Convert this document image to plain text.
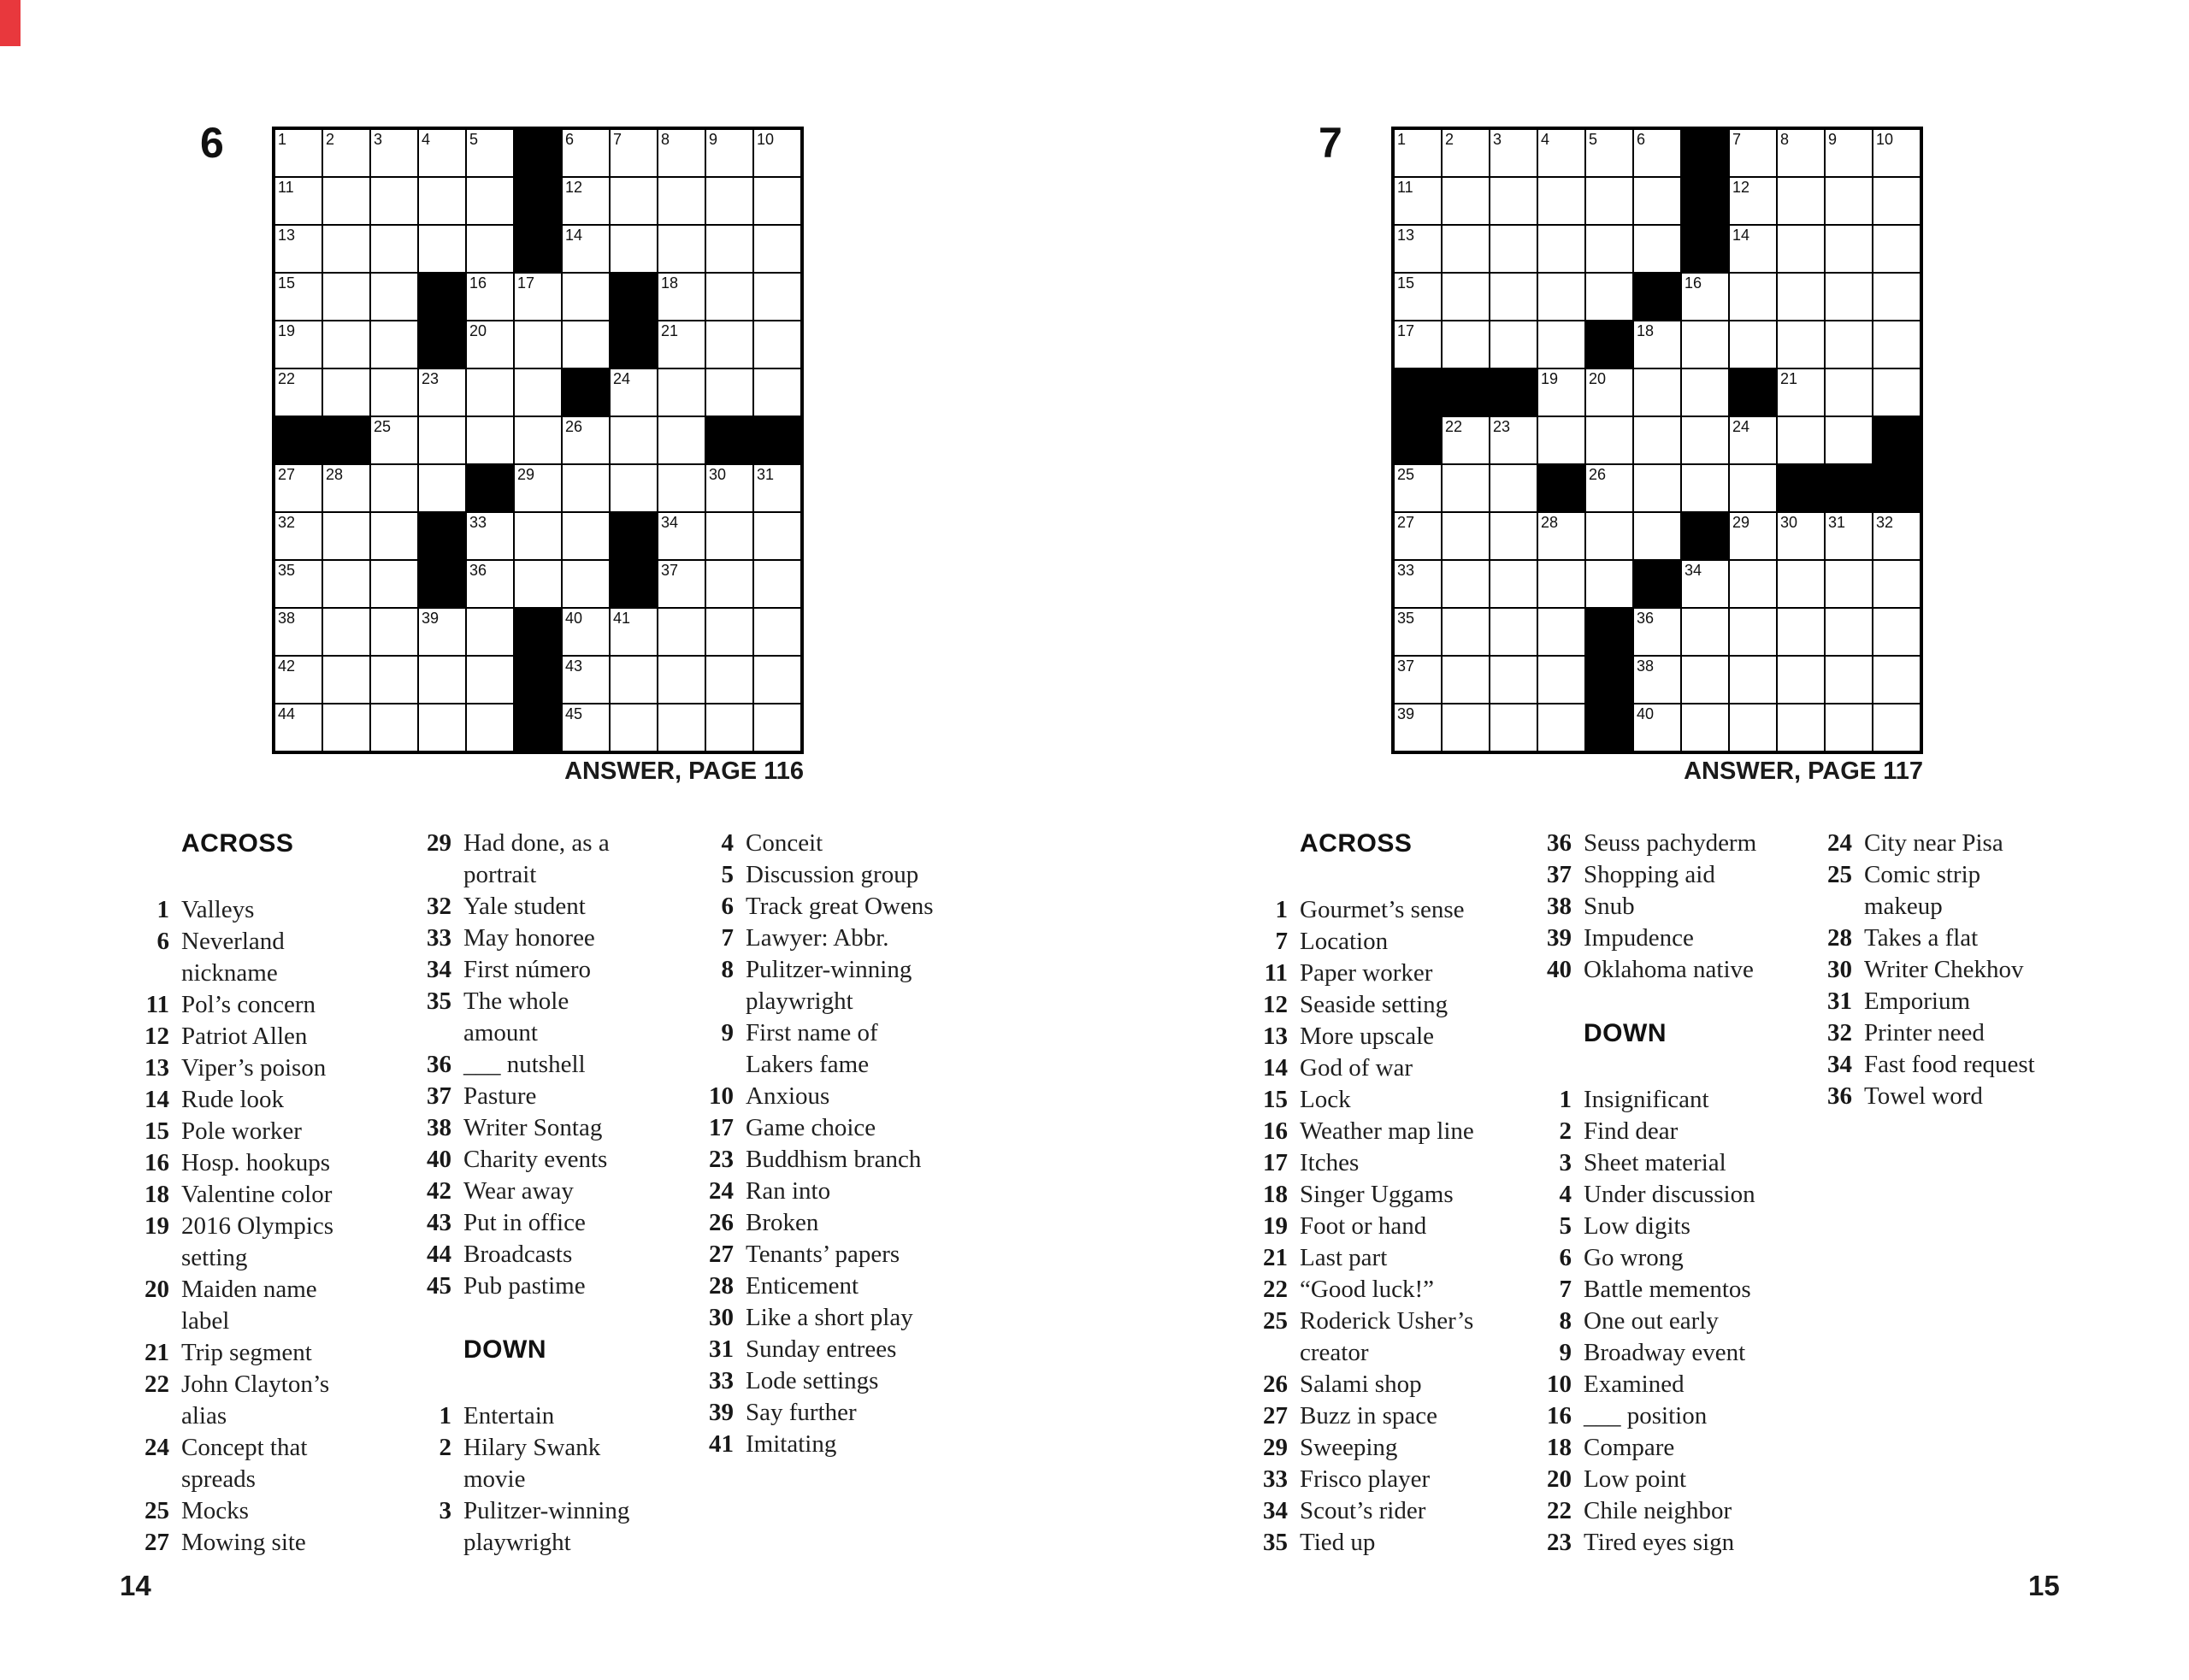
6	1	2	3	4	5	6	7	8	9	10
11	12
13	14
15	16 17	18
19	20	21
22	23	24
25	26
27 28	29	30 31
32	33	34
35	36	37
38	39	40 41
42	43
44	45
ANSWER, PAGE 116
ACROSS
1 Valleys
6 Neverland nickname
11 Pol’s concern
12 Patriot Allen
13 Viper’s poison
14 Rude look
15 Pole worker
16 Hosp. hookups
18 Valentine color
19 2016 Olympics setting
20 Maiden name label
21 Trip segment
22 John Clayton’s alias
24 Concept that spreads
25 Mocks
27 Mowing site
29 Had done, as a portrait
32 Yale student
33 May honoree
34 First número
35 The whole amount
36 ___ nutshell
37 Pasture
38 Writer Sontag
40 Charity events
42 Wear away
43 Put in office
44 Broadcasts
45 Pub pastime
DOWN
1 Entertain
2 Hilary Swank movie
3 Pulitzer-winning playwright
4 Conceit
5 Discussion group
6 Track great Owens
7 Lawyer: Abbr.
8 Pulitzer-winning playwright
9 First name of Lakers fame
10 Anxious
17 Game choice
23 Buddhism branch
24 Ran into
26 Broken
27 Tenants’ papers
28 Enticement
30 Like a short play
31 Sunday entrees
33 Lode settings
39 Say further
41 Imitating
14
7	1	2	3	4	5	6	7	8	9	10
11	12
13	14
15	16
17	18
19 20	21
22 23	24
25	26
27	28	29 30 31 32
33	34
35	36
37	38
39	40
ANSWER, PAGE 117
ACROSS
1 Gourmet’s sense
7 Location
11 Paper worker
12 Seaside setting
13 More upscale
14 God of war
15 Lock
16 Weather map line
17 Itches
18 Singer Uggams
19 Foot or hand
21 Last part
22 “Good luck!”
25 Roderick Usher’s creator
26 Salami shop
27 Buzz in space
29 Sweeping
33 Frisco player
34 Scout’s rider
35 Tied up
36 Seuss pachyderm
37 Shopping aid
38 Snub
39 Impudence
40 Oklahoma native
DOWN
1 Insignificant
2 Find dear
3 Sheet material
4 Under discussion
5 Low digits
6 Go wrong
7 Battle mementos
8 One out early
9 Broadway event
10 Examined
16 ___ position
18 Compare
20 Low point
22 Chile neighbor
23 Tired eyes sign
24 City near Pisa
25 Comic strip makeup
28 Takes a flat
30 Writer Chekhov
31 Emporium
32 Printer need
34 Fast food request
36 Towel word
15
